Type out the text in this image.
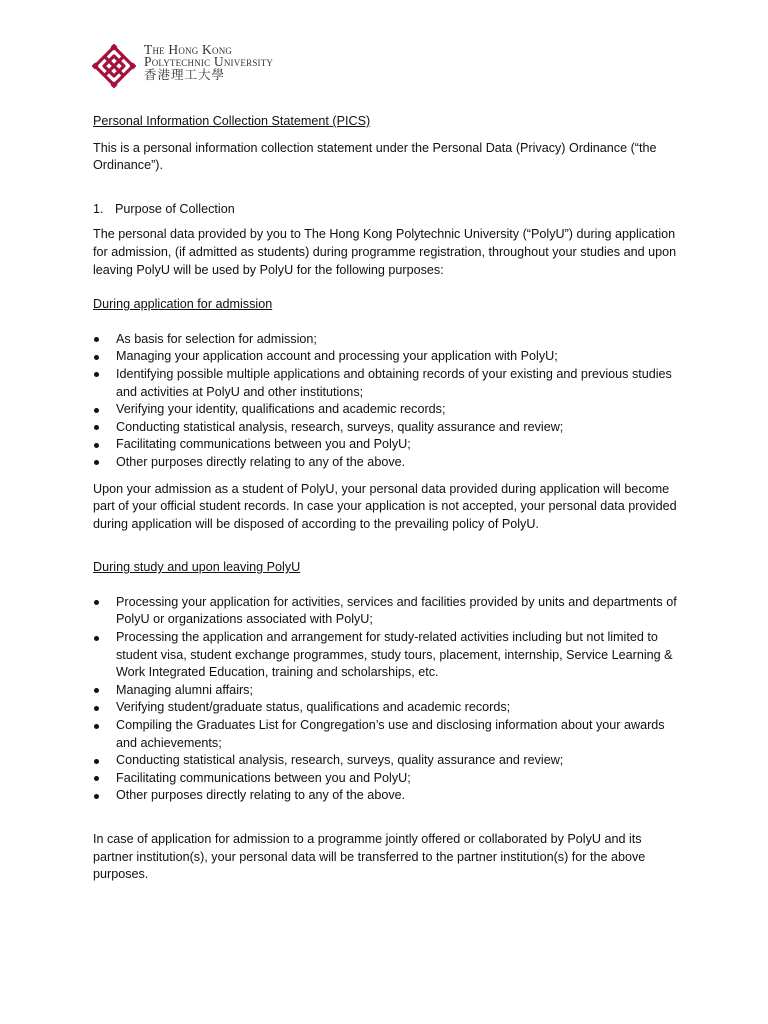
The Hong Kong
Polytechnic University
香港理工大學

Personal Information Collection Statement (PICS)

This is a personal information collection statement under the Personal Data (Privacy) Ordinance (“the Ordinance”).

1. Purpose of Collection

The personal data provided by you to The Hong Kong Polytechnic University (“PolyU”) during application for admission, (if admitted as students) during programme registration, throughout your studies and upon leaving PolyU will be used by PolyU for the following purposes:

During application for admission

As basis for selection for admission;
Managing your application account and processing your application with PolyU;
Identifying possible multiple applications and obtaining records of your existing and previous studies and activities at PolyU and other institutions;
Verifying your identity, qualifications and academic records;
Conducting statistical analysis, research, surveys, quality assurance and review;
Facilitating communications between you and PolyU;
Other purposes directly relating to any of the above.

Upon your admission as a student of PolyU, your personal data provided during application will become part of your official student records. In case your application is not accepted, your personal data provided during application will be disposed of according to the prevailing policy of PolyU.

During study and upon leaving PolyU

Processing your application for activities, services and facilities provided by units and departments of PolyU or organizations associated with PolyU;
Processing the application and arrangement for study-related activities including but not limited to student visa, student exchange programmes, study tours, placement, internship, Service Learning & Work Integrated Education, training and scholarships, etc.
Managing alumni affairs;
Verifying student/graduate status, qualifications and academic records;
Compiling the Graduates List for Congregation’s use and disclosing information about your awards and achievements;
Conducting statistical analysis, research, surveys, quality assurance and review;
Facilitating communications between you and PolyU;
Other purposes directly relating to any of the above.

In case of application for admission to a programme jointly offered or collaborated by PolyU and its partner institution(s), your personal data will be transferred to the partner institution(s) for the above purposes.
